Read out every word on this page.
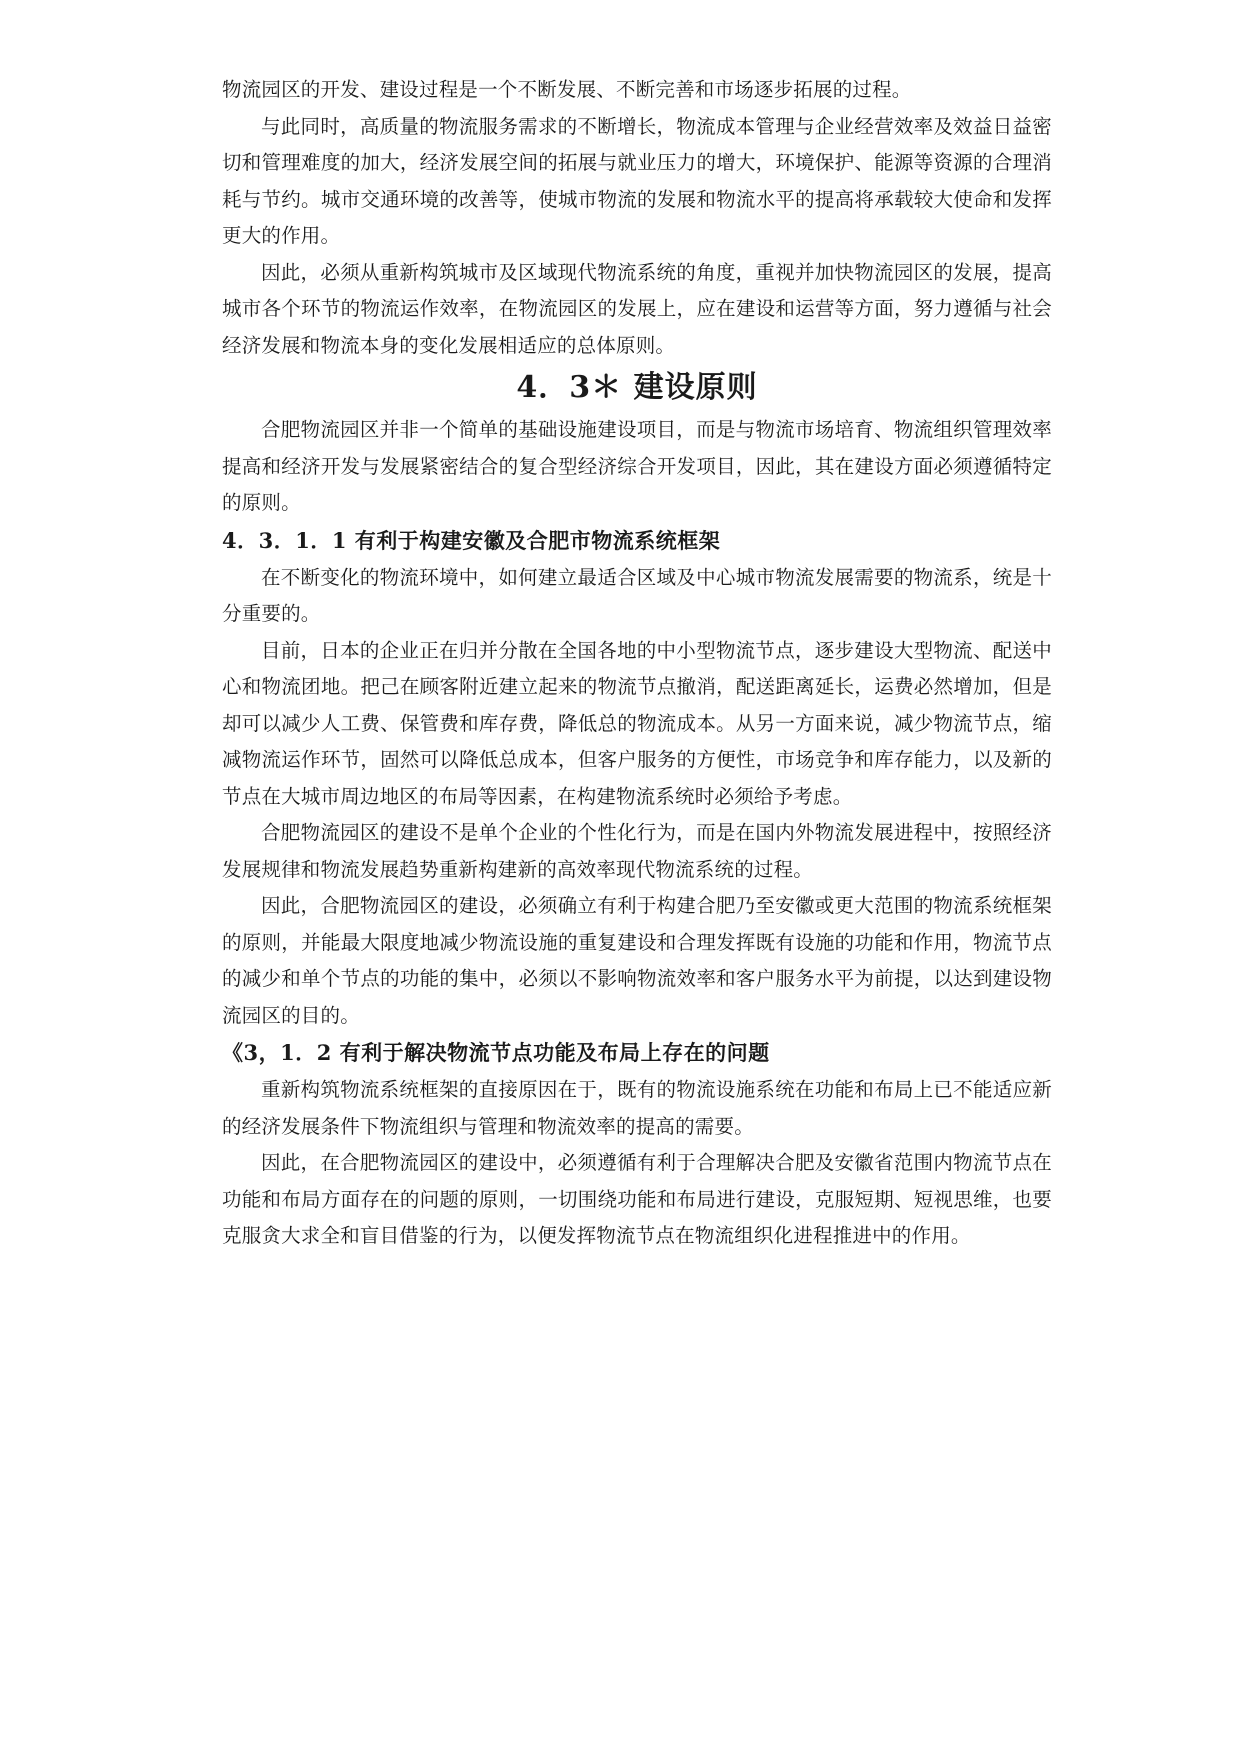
物流园区的开发、建设过程是一个不断发展、不断完善和市场逐步拓展的过程。

与此同时，高质量的物流服务需求的不断增长，物流成本管理与企业经营效率及效益日益密切和管理难度的加大，经济发展空间的拓展与就业压力的增大，环境保护、能源等资源的合理消耗与节约。城市交通环境的改善等，使城市物流的发展和物流水平的提高将承载较大使命和发挥更大的作用。

因此，必须从重新构筑城市及区域现代物流系统的角度，重视并加快物流园区的发展，提高城市各个环节的物流运作效率，在物流园区的发展上，应在建设和运营等方面，努力遵循与社会经济发展和物流本身的变化发展相适应的总体原则。

4．3＊ 建设原则

合肥物流园区并非一个简单的基础设施建设项目，而是与物流市场培育、物流组织管理效率提高和经济开发与发展紧密结合的复合型经济综合开发项目，因此，其在建设方面必须遵循特定的原则。

4．3．1．1 有利于构建安徽及合肥市物流系统框架

在不断变化的物流环境中，如何建立最适合区域及中心城市物流发展需要的物流系，统是十分重要的。

目前，日本的企业正在归并分散在全国各地的中小型物流节点，逐步建设大型物流、配送中心和物流团地。把己在顾客附近建立起来的物流节点撤消，配送距离延长，运费必然增加，但是却可以减少人工费、保管费和库存费，降低总的物流成本。从另一方面来说，减少物流节点，缩减物流运作环节，固然可以降低总成本，但客户服务的方便性，市场竞争和库存能力，以及新的节点在大城市周边地区的布局等因素，在构建物流系统时必须给予考虑。

合肥物流园区的建设不是单个企业的个性化行为，而是在国内外物流发展进程中，按照经济发展规律和物流发展趋势重新构建新的高效率现代物流系统的过程。

因此，合肥物流园区的建设，必须确立有利于构建合肥乃至安徽或更大范围的物流系统框架的原则，并能最大限度地减少物流设施的重复建设和合理发挥既有设施的功能和作用，物流节点的减少和单个节点的功能的集中，必须以不影响物流效率和客户服务水平为前提，以达到建设物流园区的目的。

《3，1．2 有利于解决物流节点功能及布局上存在的问题

重新构筑物流系统框架的直接原因在于，既有的物流设施系统在功能和布局上已不能适应新的经济发展条件下物流组织与管理和物流效率的提高的需要。

因此，在合肥物流园区的建设中，必须遵循有利于合理解决合肥及安徽省范围内物流节点在功能和布局方面存在的问题的原则，一切围绕功能和布局进行建设，克服短期、短视思维，也要克服贪大求全和盲目借鉴的行为，以便发挥物流节点在物流组织化进程推进中的作用。
